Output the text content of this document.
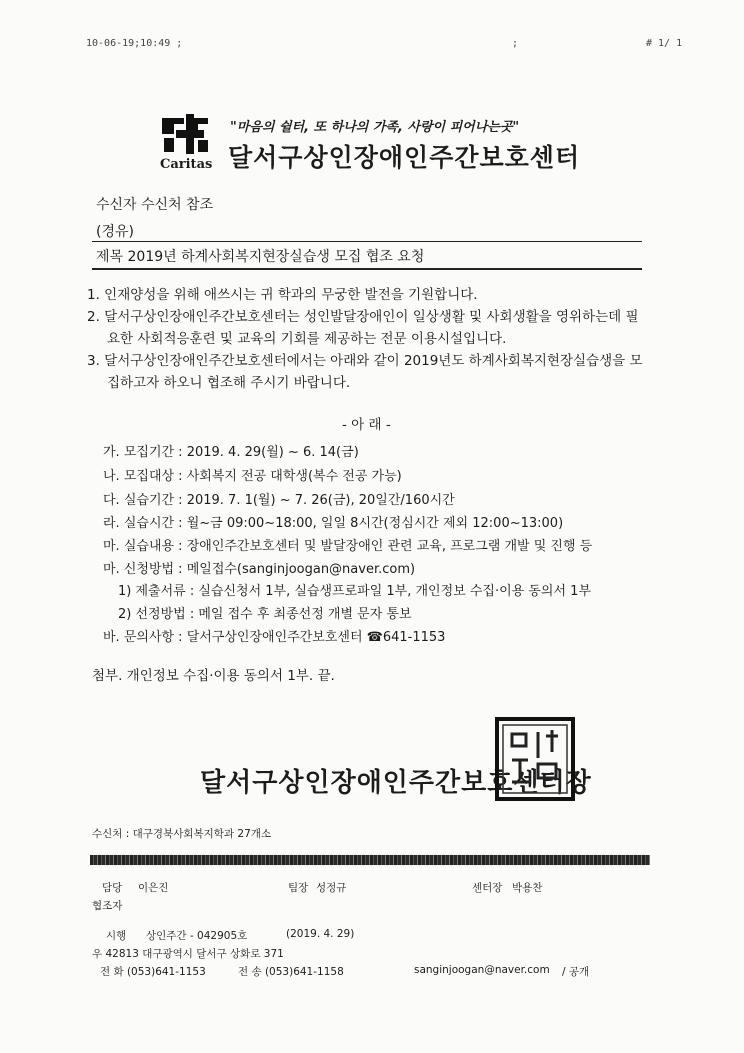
10-06-19;10:49 ;	;	# 1/ 1
Caritas
"마음의 쉴터, 또 하나의 가족, 사랑이 피어나는곳"
달서구상인장애인주간보호센터
수신자 수신처 참조
(경유)
제목 2019년 하계사회복지현장실습생 모집 협조 요청
1. 인재양성을 위해 애쓰시는 귀 학과의 무궁한 발전을 기원합니다.
2. 달서구상인장애인주간보호센터는 성인발달장애인이 일상생활 및 사회생활을 영위하는데 필
요한 사회적응훈련 및 교육의 기회를 제공하는 전문 이용시설입니다.
3. 달서구상인장애인주간보호센터에서는 아래와 같이 2019년도 하계사회복지현장실습생을 모
집하고자 하오니 협조해 주시기 바랍니다.
- 아 래 -
가. 모집기간 : 2019. 4. 29(월) ~ 6. 14(금)
나. 모집대상 : 사회복지 전공 대학생(복수 전공 가능)
다. 실습기간 : 2019. 7. 1(월) ~ 7. 26(금), 20일간/160시간
라. 실습시간 : 월~금 09:00~18:00, 일일 8시간(정심시간 제외 12:00~13:00)
마. 실습내용 : 장애인주간보호센터 및 발달장애인 관련 교육, 프로그램 개발 및 진행 등
마. 신청방법 : 메일접수(sanginjoogan@naver.com)
1) 제출서류 : 실습신청서 1부, 실습생프로파일 1부, 개인정보 수집·이용 동의서 1부
2) 선정방법 : 메일 접수 후 최종선정 개별 문자 통보
바. 문의사항 : 달서구상인장애인주간보호센터 ☎641-1153
첨부. 개인정보 수집·이용 동의서 1부. 끝.
달서구상인장애인주간보호센터장
수신처 : 대구경북사회복지학과 27개소
담당 이은진	팀장 성정규	센터장 박용찬
협조자
시행 상인주간 - 042905호	(2019. 4. 29)
우 42813 대구광역시 달서구 상화로 371
전 화 (053)641-1153	전 송 (053)641-1158	sanginjoogan@naver.com / 공개
